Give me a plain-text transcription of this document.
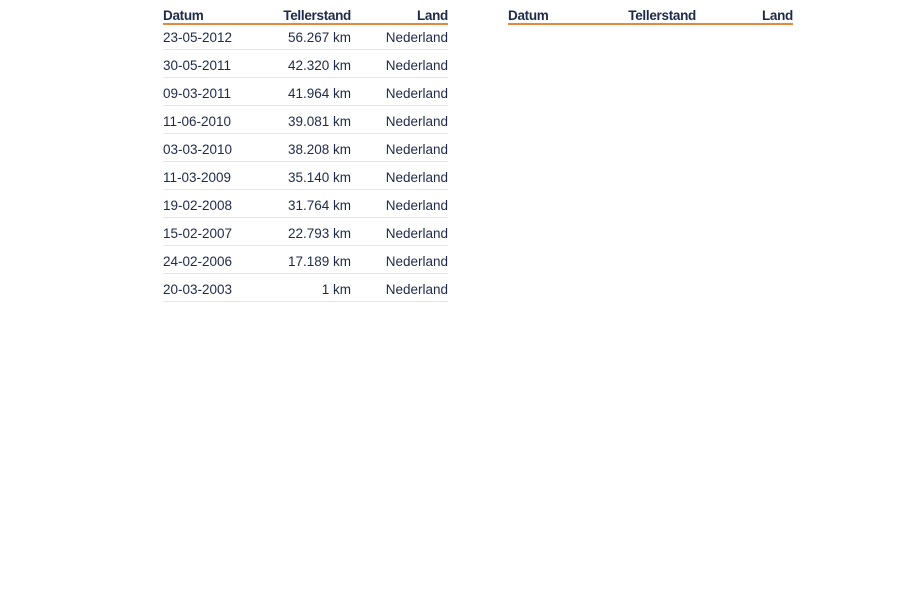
Datum	Tellerstand	Land
23-05-2012	56.267 km	Nederland
30-05-2011	42.320 km	Nederland
09-03-2011	41.964 km	Nederland
11-06-2010	39.081 km	Nederland
03-03-2010	38.208 km	Nederland
11-03-2009	35.140 km	Nederland
19-02-2008	31.764 km	Nederland
15-02-2007	22.793 km	Nederland
24-02-2006	17.189 km	Nederland
20-03-2003	1 km	Nederland
Datum	Tellerstand	Land
